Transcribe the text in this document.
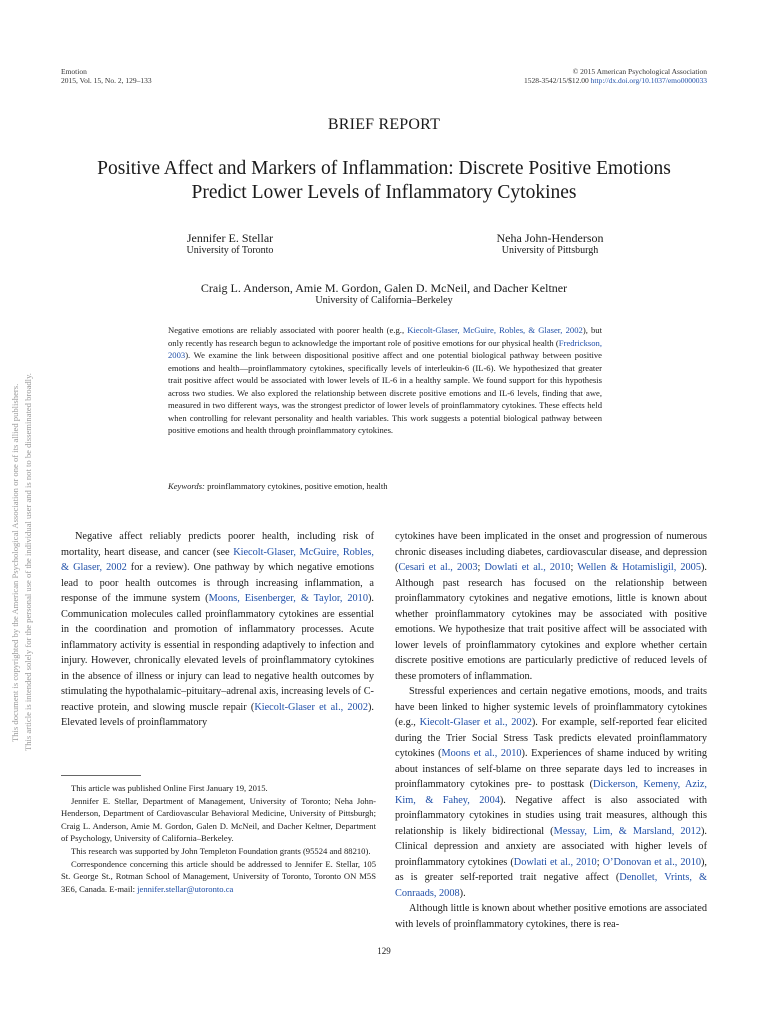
Emotion
2015, Vol. 15, No. 2, 129–133
© 2015 American Psychological Association
1528-3542/15/$12.00 http://dx.doi.org/10.1037/emo0000033
BRIEF REPORT
Positive Affect and Markers of Inflammation: Discrete Positive Emotions
Predict Lower Levels of Inflammatory Cytokines
Jennifer E. Stellar
University of Toronto
Neha John-Henderson
University of Pittsburgh
Craig L. Anderson, Amie M. Gordon, Galen D. McNeil, and Dacher Keltner
University of California–Berkeley
Negative emotions are reliably associated with poorer health (e.g., Kiecolt-Glaser, McGuire, Robles, & Glaser, 2002), but only recently has research begun to acknowledge the important role of positive emotions for our physical health (Fredrickson, 2003). We examine the link between dispositional positive affect and one potential biological pathway between positive emotions and health—proinflammatory cytokines, specifically levels of interleukin-6 (IL-6). We hypothesized that greater trait positive affect would be associated with lower levels of IL-6 in a healthy sample. We found support for this hypothesis across two studies. We also explored the relationship between discrete positive emotions and IL-6 levels, finding that awe, measured in two different ways, was the strongest predictor of lower levels of proinflammatory cytokines. These effects held when controlling for relevant personality and health variables. This work suggests a potential biological pathway between positive emotions and health through proinflammatory cytokines.
Keywords: proinflammatory cytokines, positive emotion, health

Negative affect reliably predicts poorer health, including risk of mortality, heart disease, and cancer (see Kiecolt-Glaser, McGuire, Robles, & Glaser, 2002 for a review). One pathway by which negative emotions lead to poor health outcomes is through increasing inflammation, a response of the immune system (Moons, Eisenberger, & Taylor, 2010). Communication molecules called proinflammatory cytokines are essential in the coordination and promotion of inflammatory processes. Acute inflammatory activity is essential in responding adaptively to infection and injury. However, chronically elevated levels of proinflammatory cytokines in the absence of illness or injury can lead to negative health outcomes by stimulating the hypothalamic–pituitary–adrenal axis, increasing levels of C-reactive protein, and slowing muscle repair (Kiecolt-Glaser et al., 2002). Elevated levels of proinflammatory

This article was published Online First January 19, 2015.

Jennifer E. Stellar, Department of Management, University of Toronto; Neha John-Henderson, Department of Cardiovascular Behavioral Medicine, University of Pittsburgh; Craig L. Anderson, Amie M. Gordon, Galen D. McNeil, and Dacher Keltner, Department of Psychology, University of California–Berkeley.

This research was supported by John Templeton Foundation grants (95524 and 88210).

Correspondence concerning this article should be addressed to Jennifer E. Stellar, 105 St. George St., Rotman School of Management, University of Toronto, Toronto ON M5S 3E6, Canada. E-mail: jennifer.stellar@utoronto.ca

cytokines have been implicated in the onset and progression of numerous chronic diseases including diabetes, cardiovascular disease, and depression (Cesari et al., 2003; Dowlati et al., 2010; Wellen & Hotamisligil, 2005). Although past research has focused on the relationship between proinflammatory cytokines and negative emotions, little is known about whether proinflammatory cytokines may be associated with positive emotions. We hypothesize that trait positive affect will be associated with lower levels of proinflammatory cytokines and explore whether certain discrete positive emotions are particularly predictive of reduced levels of these promoters of inflammation.

Stressful experiences and certain negative emotions, moods, and traits have been linked to higher systemic levels of proinflammatory cytokines (e.g., Kiecolt-Glaser et al., 2002). For example, self-reported fear elicited during the Trier Social Stress Task predicts elevated proinflammatory cytokines (Moons et al., 2010). Experiences of shame induced by writing about instances of self-blame on three separate days led to increases in proinflammatory cytokines pre- to posttask (Dickerson, Kemeny, Aziz, Kim, & Fahey, 2004). Negative affect is also associated with proinflammatory cytokines in studies using trait measures, although this relationship is likely bidirectional (Messay, Lim, & Marsland, 2012). Clinical depression and anxiety are associated with higher levels of proinflammatory cytokines (Dowlati et al., 2010; O’Donovan et al., 2010), as is greater self-reported trait negative affect (Denollet, Vrints, & Conraads, 2008).

Although little is known about whether positive emotions are associated with levels of proinflammatory cytokines, there is rea-

129
This document is copyrighted by the American Psychological Association or one of its allied publishers. This article is intended solely for the personal use of the individual user and is not to be disseminated broadly.
